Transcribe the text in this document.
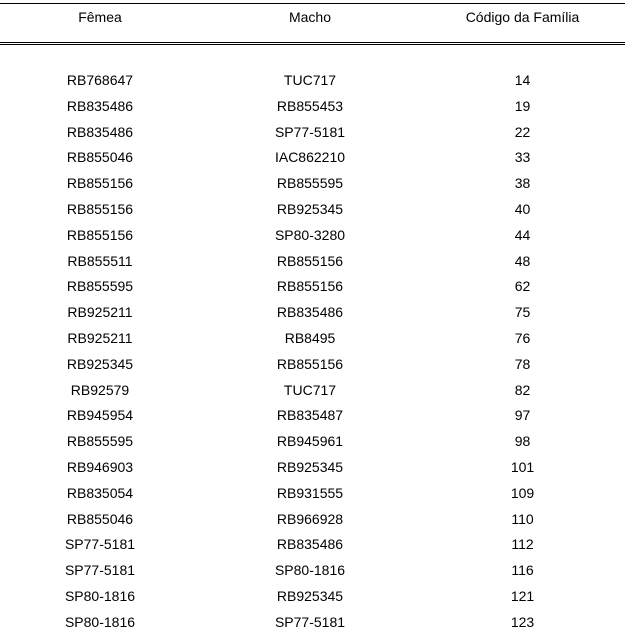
Fêmea	Macho	Código da Família
RB768647	TUC717	14
RB835486	RB855453	19
RB835486	SP77-5181	22
RB855046	IAC862210	33
RB855156	RB855595	38
RB855156	RB925345	40
RB855156	SP80-3280	44
RB855511	RB855156	48
RB855595	RB855156	62
RB925211	RB835486	75
RB925211	RB8495	76
RB925345	RB855156	78
RB92579	TUC717	82
RB945954	RB835487	97
RB855595	RB945961	98
RB946903	RB925345	101
RB835054	RB931555	109
RB855046	RB966928	110
SP77-5181	RB835486	112
SP77-5181	SP80-1816	116
SP80-1816	RB925345	121
SP80-1816	SP77-5181	123
